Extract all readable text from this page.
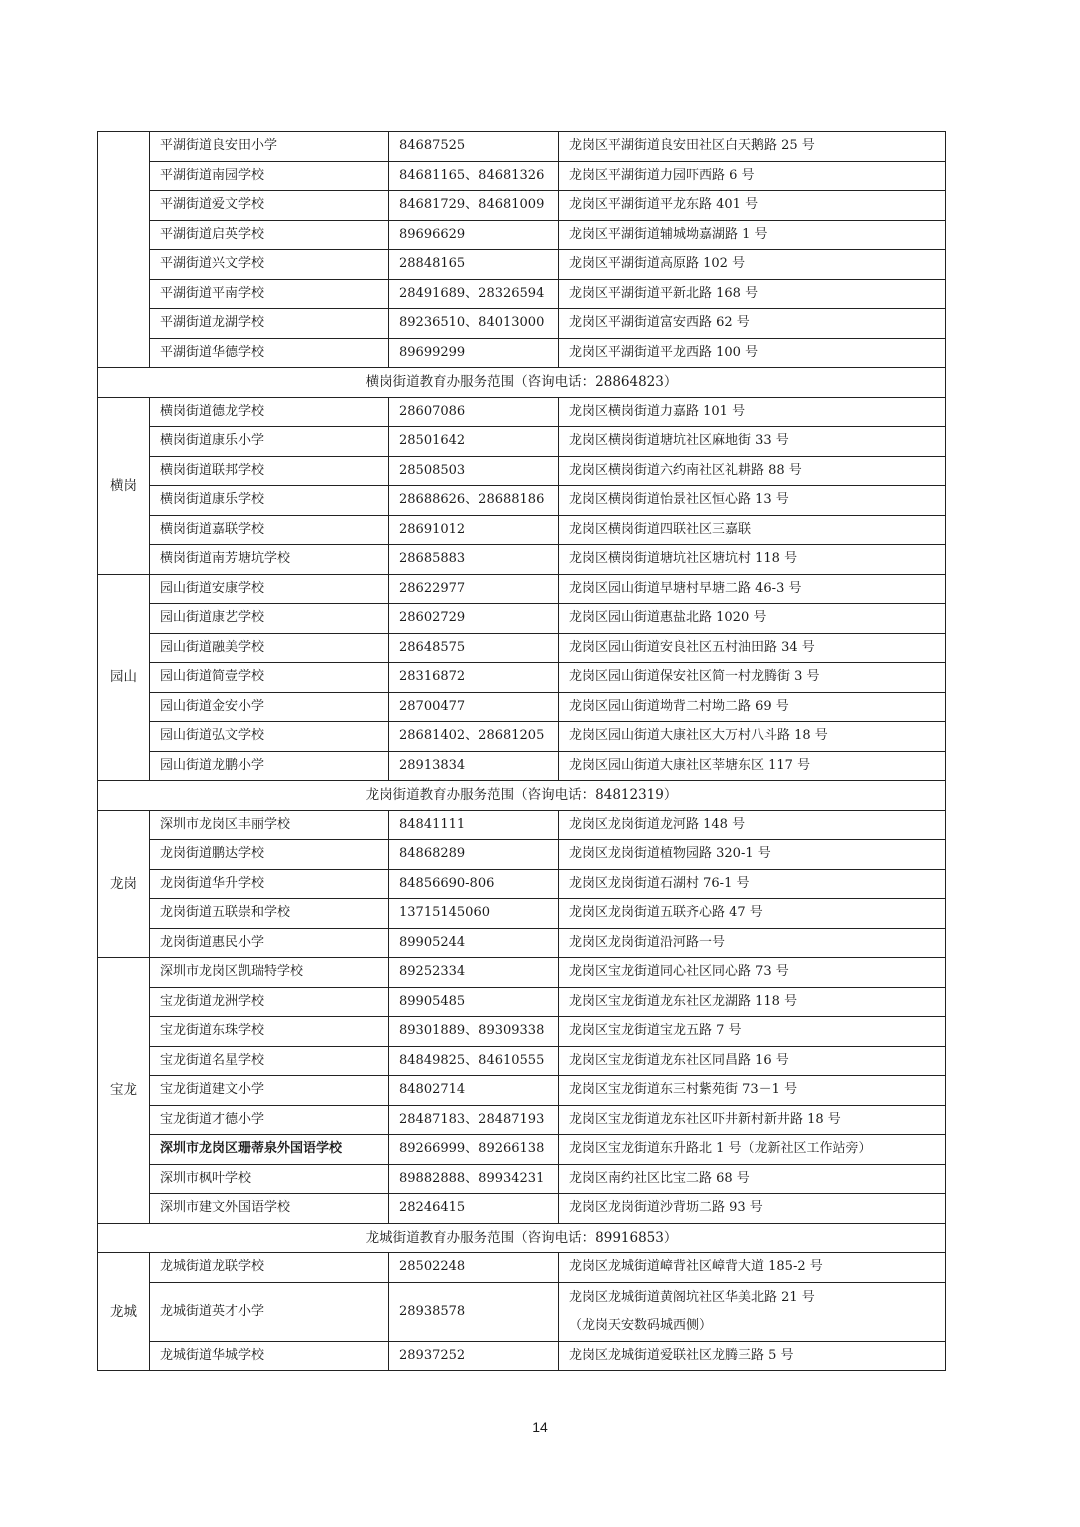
	平湖街道良安田小学	84687525	龙岗区平湖街道良安田社区白天鹅路 25 号
	平湖街道南园学校	84681165、84681326	龙岗区平湖街道力园吓西路 6 号
	平湖街道爱文学校	84681729、84681009	龙岗区平湖街道平龙东路 401 号
	平湖街道启英学校	89696629	龙岗区平湖街道辅城坳嘉湖路 1 号
	平湖街道兴文学校	28848165	龙岗区平湖街道高原路 102 号
	平湖街道平南学校	28491689、28326594	龙岗区平湖街道平新北路 168 号
	平湖街道龙湖学校	89236510、84013000	龙岗区平湖街道富安西路 62 号
	平湖街道华德学校	89699299	龙岗区平湖街道平龙西路 100 号
横岗街道教育办服务范围（咨询电话：28864823）			
横岗	横岗街道德龙学校	28607086	龙岗区横岗街道力嘉路 101 号
	横岗街道康乐小学	28501642	龙岗区横岗街道塘坑社区麻地街 33 号
	横岗街道联邦学校	28508503	龙岗区横岗街道六约南社区礼耕路 88 号
	横岗街道康乐学校	28688626、28688186	龙岗区横岗街道怡景社区恒心路 13 号
	横岗街道嘉联学校	28691012	龙岗区横岗街道四联社区三嘉联
	横岗街道南芳塘坑学校	28685883	龙岗区横岗街道塘坑社区塘坑村 118 号
园山	园山街道安康学校	28622977	龙岗区园山街道早塘村早塘二路 46-3 号
	园山街道康艺学校	28602729	龙岗区园山街道惠盐北路 1020 号
	园山街道融美学校	28648575	龙岗区园山街道安良社区五村油田路 34 号
	园山街道简壹学校	28316872	龙岗区园山街道保安社区简一村龙腾街 3 号
	园山街道金安小学	28700477	龙岗区园山街道坳背二村坳二路 69 号
	园山街道弘文学校	28681402、28681205	龙岗区园山街道大康社区大万村八斗路 18 号
	园山街道龙鹏小学	28913834	龙岗区园山街道大康社区莘塘东区 117 号
龙岗街道教育办服务范围（咨询电话：84812319）			
龙岗	深圳市龙岗区丰丽学校	84841111	龙岗区龙岗街道龙河路 148 号
	龙岗街道鹏达学校	84868289	龙岗区龙岗街道植物园路 320-1 号
	龙岗街道华升学校	84856690-806	龙岗区龙岗街道石湖村 76-1 号
	龙岗街道五联崇和学校	13715145060	龙岗区龙岗街道五联齐心路 47 号
	龙岗街道惠民小学	89905244	龙岗区龙岗街道沿河路一号
宝龙	深圳市龙岗区凯瑞特学校	89252334	龙岗区宝龙街道同心社区同心路 73 号
	宝龙街道龙洲学校	89905485	龙岗区宝龙街道龙东社区龙湖路 118 号
	宝龙街道东珠学校	89301889、89309338	龙岗区宝龙街道宝龙五路 7 号
	宝龙街道名星学校	84849825、84610555	龙岗区宝龙街道龙东社区同昌路 16 号
	宝龙街道建文小学	84802714	龙岗区宝龙街道东三村紫苑街 73－1 号
	宝龙街道才德小学	28487183、28487193	龙岗区宝龙街道龙东社区吓井新村新井路 18 号
	深圳市龙岗区珊蒂泉外国语学校	89266999、89266138	龙岗区宝龙街道东升路北 1 号（龙新社区工作站旁）
	深圳市枫叶学校	89882888、89934231	龙岗区南约社区比宝二路 68 号
	深圳市建文外国语学校	28246415	龙岗区龙岗街道沙背坜二路 93 号
龙城街道教育办服务范围（咨询电话：89916853）			
龙城	龙城街道龙联学校	28502248	龙岗区龙城街道嶂背社区嶂背大道 185-2 号
	龙城街道英才小学	28938578	龙岗区龙城街道黄阁坑社区华美北路 21 号
（龙岗天安数码城西侧）

	龙城街道华城学校	28937252	龙岗区龙城街道爱联社区龙腾三路 5 号
14
